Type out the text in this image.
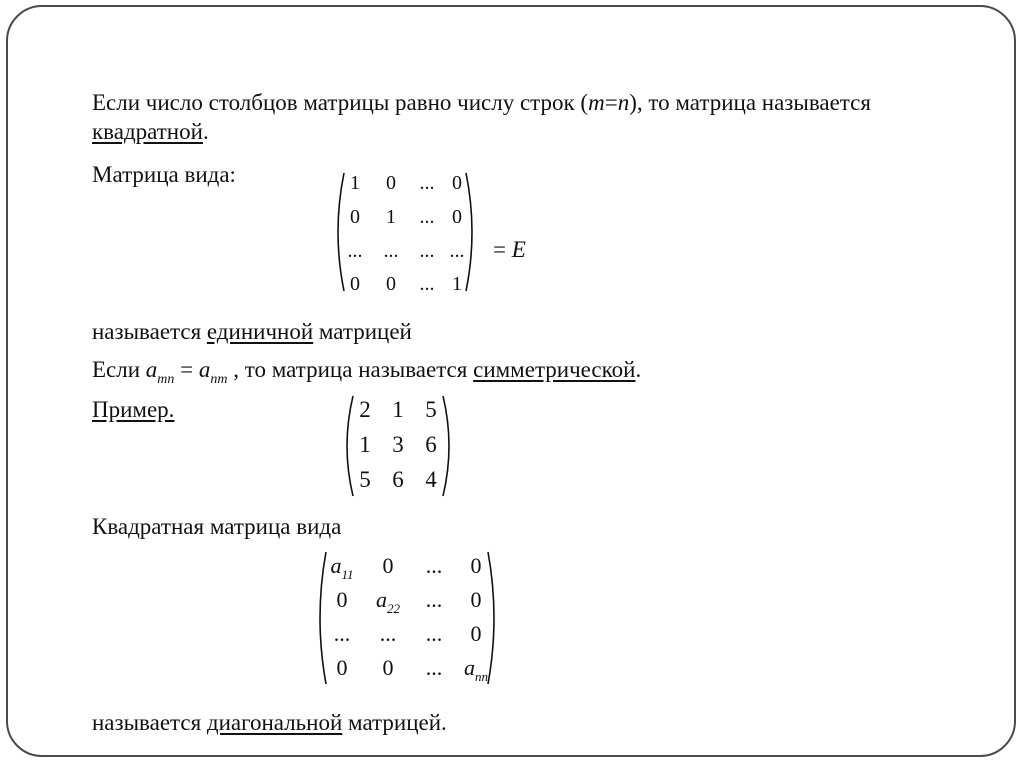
Если число столбцов матрицы равно числу строк (m=n), то матрица называется
квадратной.
Матрица вида:	1	0	... 0
0	1	... 0
...	...	... ...
0	0	... 1
= E
называется единичной матрицей
Если $a_{mn} = a_{nm}$ , то матрица называется симметрической.
Пример.	2 1 5
1 3 6
5 6 4
Квадратная матрица вида
$a_{11}$	0	...	0
0	$a_{22}$	...	0
...	...	...	0
0	0	... $a_{nn}$
называется диагональной матрицей.
